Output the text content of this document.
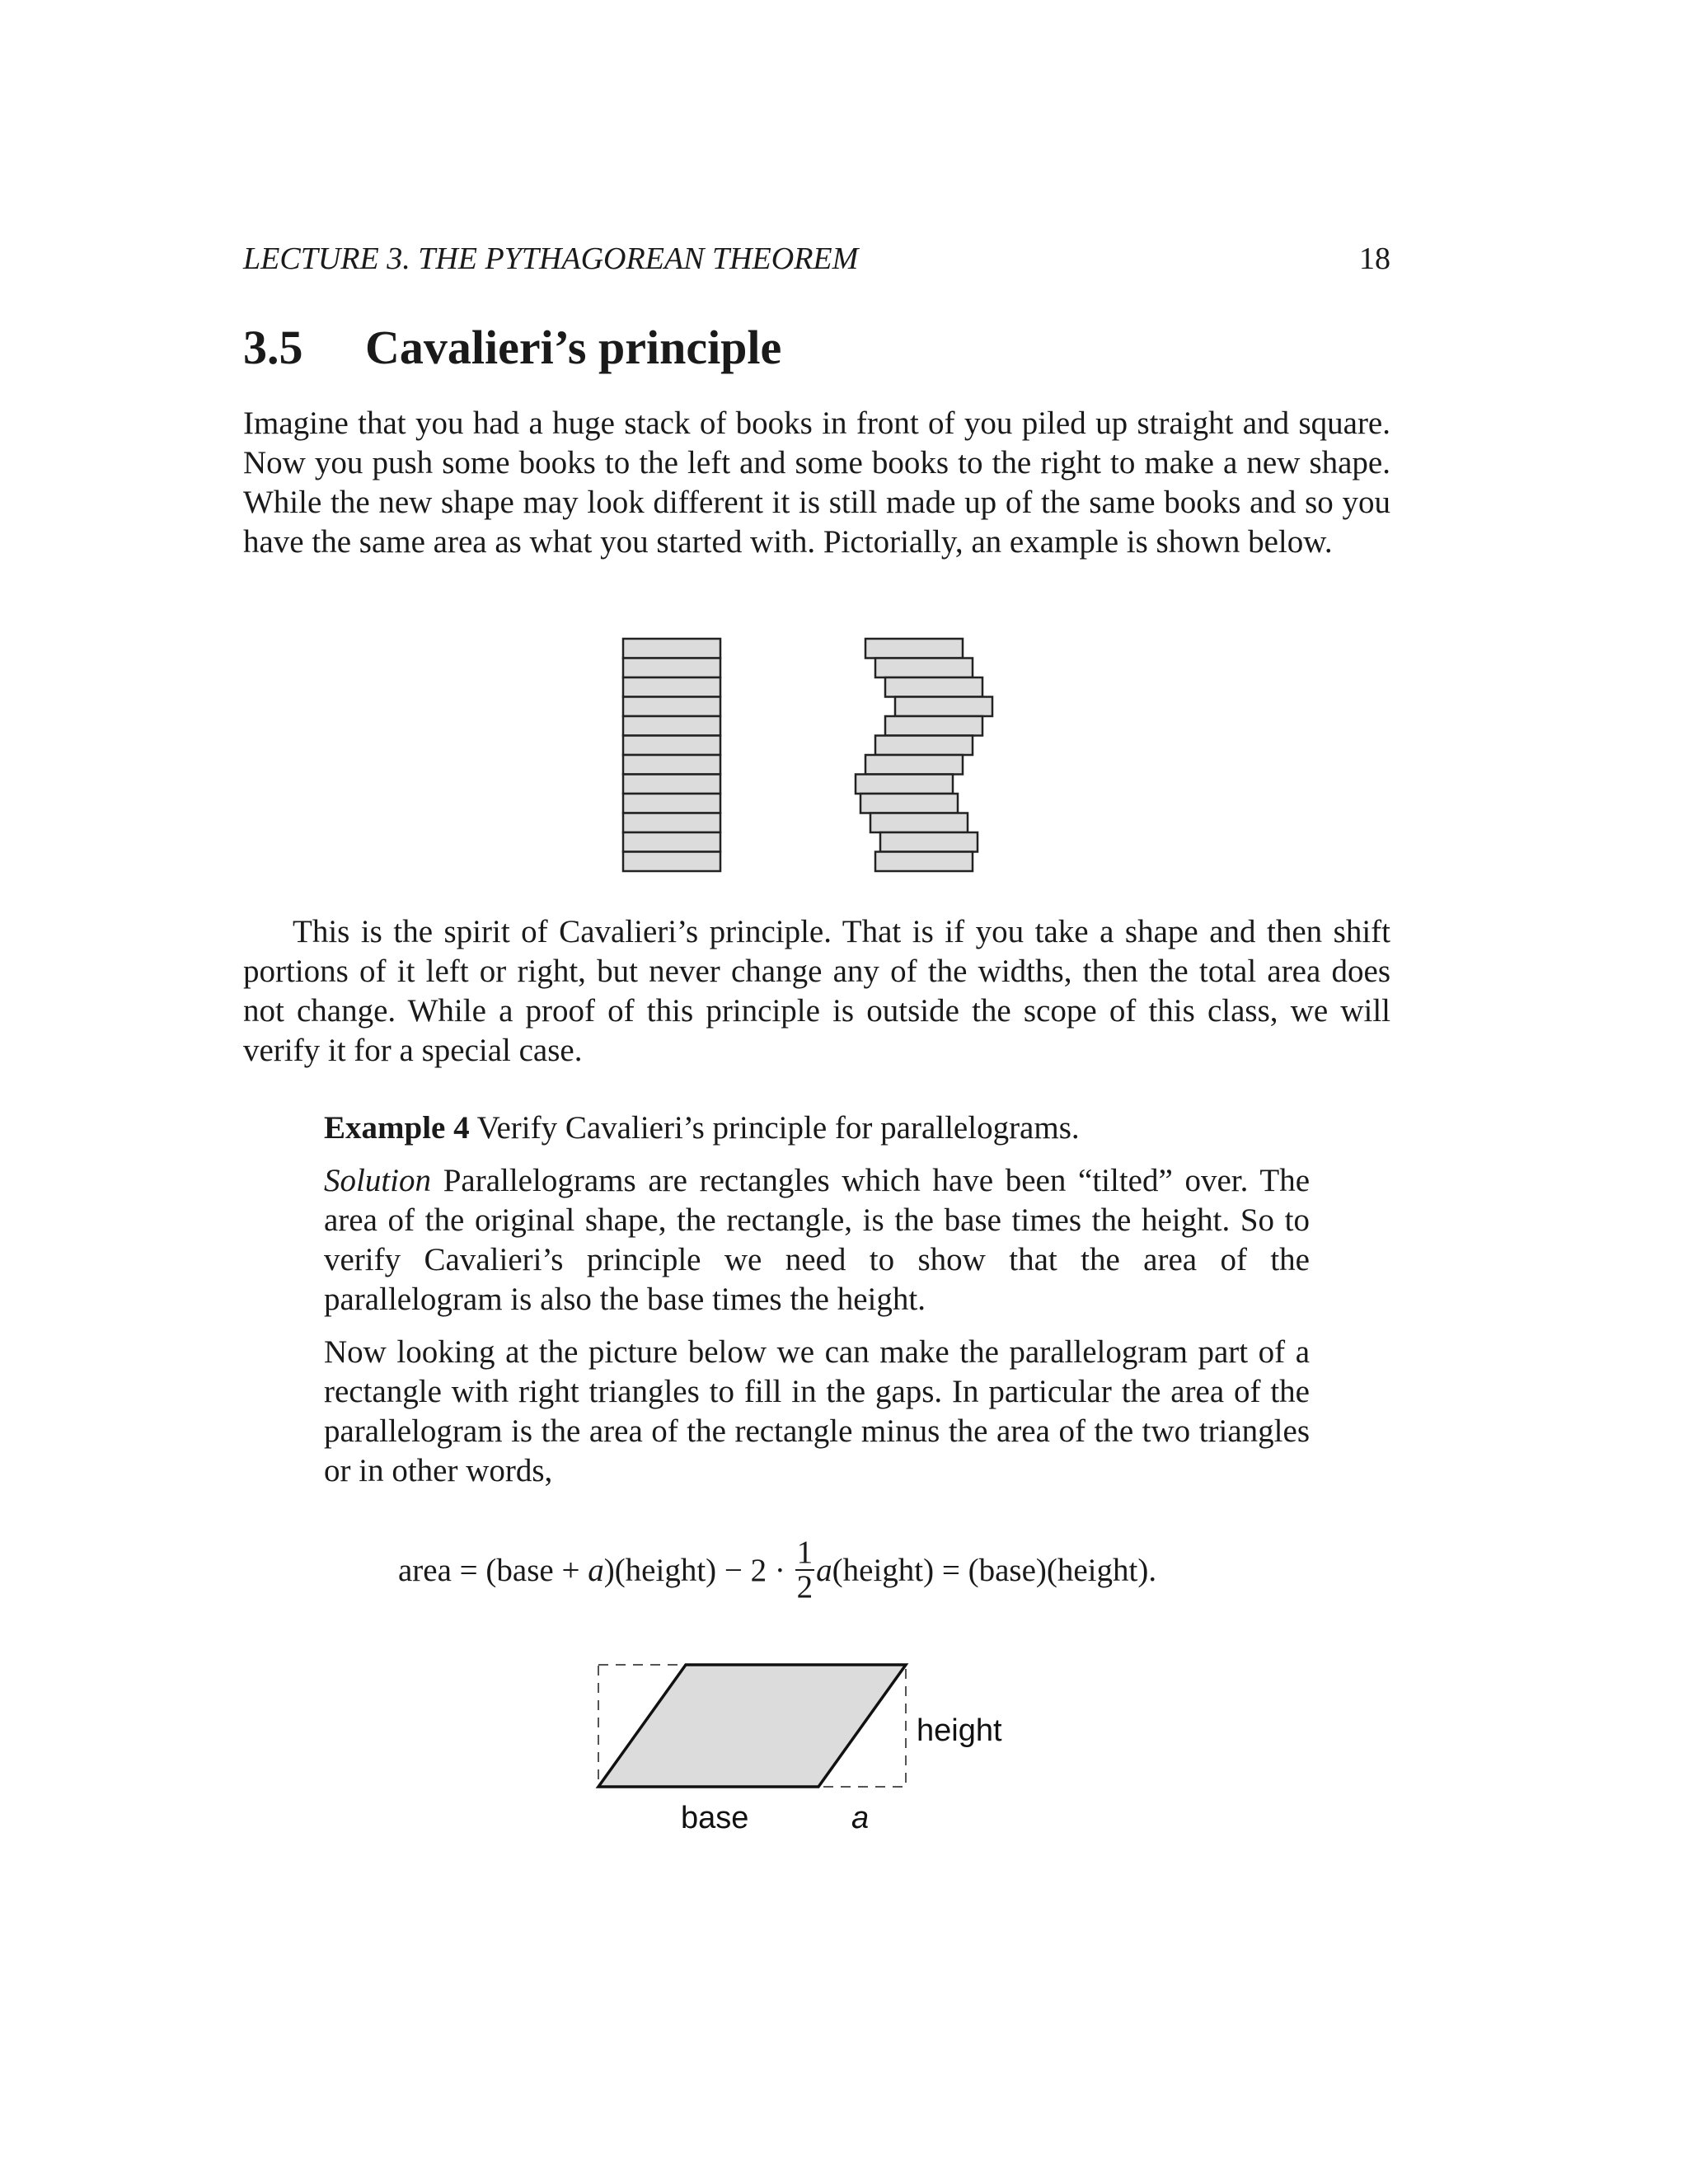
LECTURE 3. THE PYTHAGOREAN THEOREM	18
3.5 Cavalieri’s principle
Imagine that you had a huge stack of books in front of you piled up straight and square. Now you push some books to the left and some books to the right to make a new shape. While the new shape may look different it is still made up of the same books and so you have the same area as what you started with. Pictorially, an example is shown below.
This is the spirit of Cavalieri’s principle. That is if you take a shape and then shift portions of it left or right, but never change any of the widths, then the total area does not change. While a proof of this principle is outside the scope of this class, we will verify it for a special case.
Example 4 Verify Cavalieri’s principle for parallelograms.
Solution Parallelograms are rectangles which have been “tilted” over. The area of the original shape, the rectangle, is the base times the height. So to verify Cavalieri’s principle we need to show that the area of the parallelogram is also the base times the height.
Now looking at the picture below we can make the parallelogram part of a rectangle with right triangles to fill in the gaps. In particular the area of the parallelogram is the area of the rectangle minus the area of the two triangles or in other words,
area = (base + a)(height) − $2 \cdot \frac{1}{2}$ a(height) = (base)(height).
height
base	a
